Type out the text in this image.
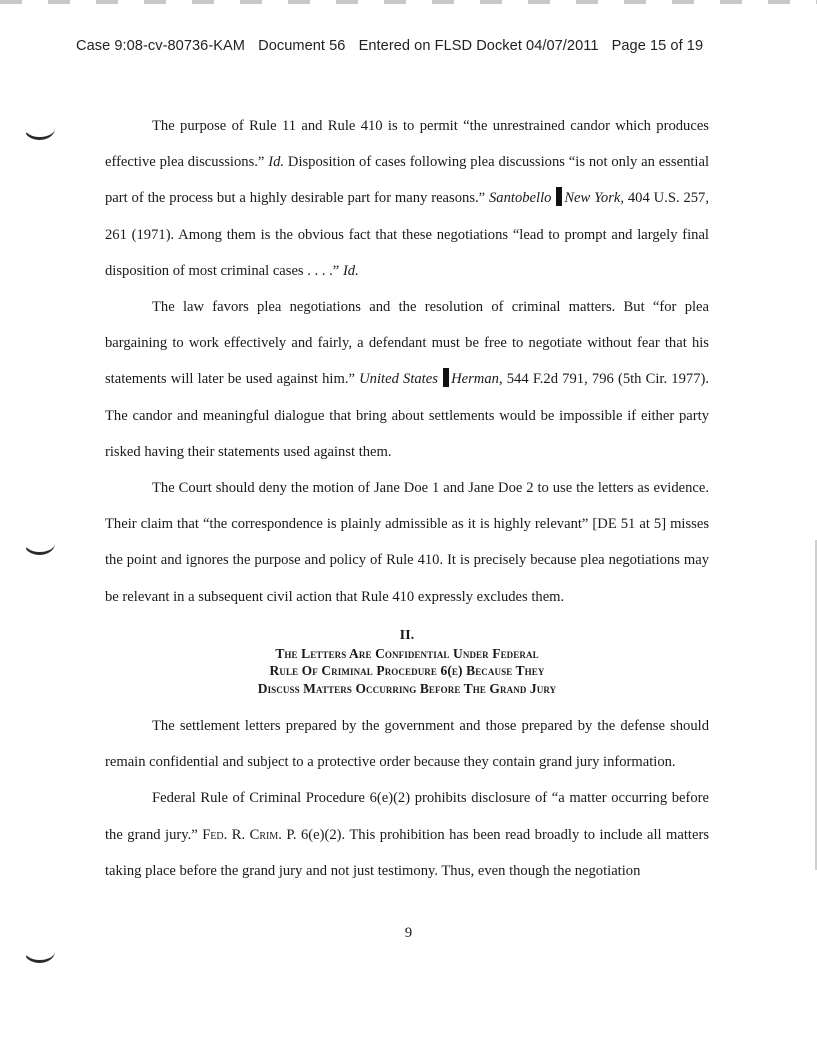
Case 9:08-cv-80736-KAM Document 56 Entered on FLSD Docket 04/07/2011 Page 15 of 19

The purpose of Rule 11 and Rule 410 is to permit “the unrestrained candor which produces effective plea discussions.” Id. Disposition of cases following plea discussions “is not only an essential part of the process but a highly desirable part for many reasons.” Santobello New York, 404 U.S. 257, 261 (1971). Among them is the obvious fact that these negotiations “lead to prompt and largely final disposition of most criminal cases . . . .” Id.

The law favors plea negotiations and the resolution of criminal matters. But “for plea bargaining to work effectively and fairly, a defendant must be free to negotiate without fear that his statements will later be used against him.” United States Herman, 544 F.2d 791, 796 (5th Cir. 1977). The candor and meaningful dialogue that bring about settlements would be impossible if either party risked having their statements used against them.

The Court should deny the motion of Jane Doe 1 and Jane Doe 2 to use the letters as evidence. Their claim that “the correspondence is plainly admissible as it is highly relevant” [DE 51 at 5] misses the point and ignores the purpose and policy of Rule 410. It is precisely because plea negotiations may be relevant in a subsequent civil action that Rule 410 expressly excludes them.

II.
The Letters Are Confidential Under Federal
Rule Of Criminal Procedure 6(e) Because They
Discuss Matters Occurring Before The Grand Jury

The settlement letters prepared by the government and those prepared by the defense should remain confidential and subject to a protective order because they contain grand jury information.

Federal Rule of Criminal Procedure 6(e)(2) prohibits disclosure of “a matter occurring before the grand jury.” Fed. R. Crim. P. 6(e)(2). This prohibition has been read broadly to include all matters taking place before the grand jury and not just testimony. Thus, even though the negotiation

9
